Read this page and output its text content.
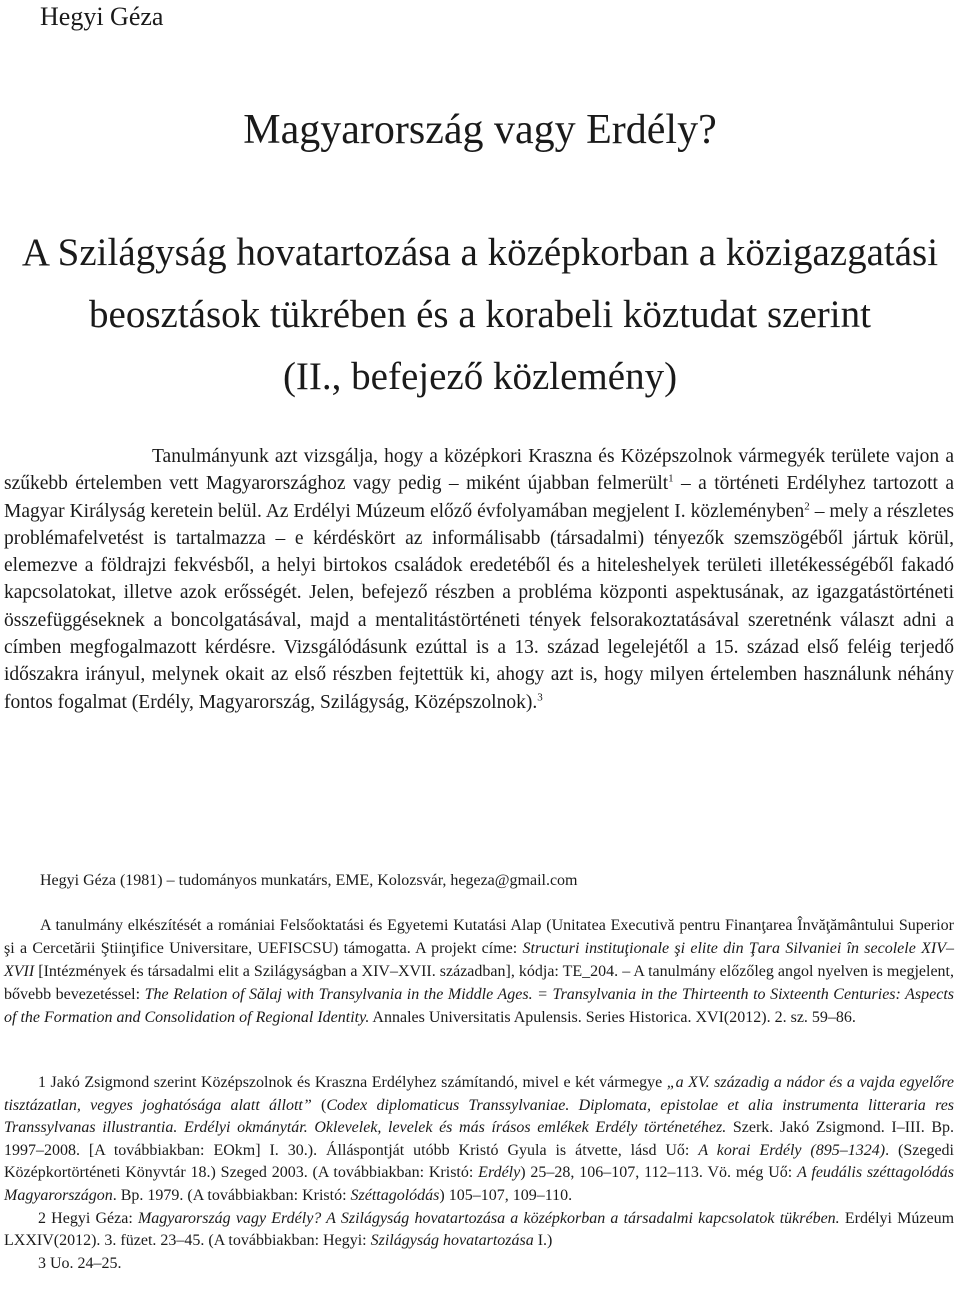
Hegyi Géza
Magyarország vagy Erdély?
A Szilágyság hovatartozása a középkorban a közigazgatási
beosztások tükrében és a korabeli köztudat szerint
(II., befejező közlemény)

Tanulmányunk azt vizsgálja, hogy a középkori Kraszna és Középszolnok vármegyék területe vajon a szűkebb értelemben vett Magyarországhoz vagy pedig – miként újabban felmerült$^1$ – a történeti Erdélyhez tartozott a Magyar Királyság keretein belül. Az Erdélyi Múzeum előző évfolyamában megjelent I. közleményben$^2$ – mely a részletes problémafelvetést is tartalmazza – e kérdéskört az informálisabb (társadalmi) tényezők szemszögéből jártuk körül, elemezve a földrajzi fekvésből, a helyi birtokos családok eredetéből és a hiteleshelyek területi illetékességéből fakadó kapcsolatokat, illetve azok erősségét. Jelen, befejező részben a probléma központi aspektusának, az igazgatástörténeti összefüggéseknek a boncolgatásával, majd a mentalitástörténeti tények felsorakoztatásával szeretnénk választ adni a címben megfogalmazott kérdésre. Vizsgálódásunk ezúttal is a 13. század legelejétől a 15. század első feléig terjedő időszakra irányul, melynek okait az első részben fejtettük ki, ahogy azt is, hogy milyen értelemben használunk néhány fontos fogalmat (Erdély, Magyarország, Szilágyság, Középszolnok).$^3$

Hegyi Géza (1981) – tudományos munkatárs, EME, Kolozsvár, hegeza@gmail.com

A tanulmány elkészítését a romániai Felsőoktatási és Egyetemi Kutatási Alap (Unitatea Executivă pentru Finanţarea Învăţământului Superior şi a Cercetării Ştiinţifice Universitare, UEFISCSU) támogatta. A projekt címe: Structuri instituţionale şi elite din Ţara Silvaniei în secolele XIV–XVII [Intézmények és társadalmi elit a Szilágyságban a XIV–XVII. században], kódja: TE_204. – A tanulmány előzőleg angol nyelven is megjelent, bővebb bevezetéssel: The Relation of Sălaj with Transylvania in the Middle Ages. = Transylvania in the Thirteenth to Sixteenth Centuries: Aspects of the Formation and Consolidation of Regional Identity. Annales Universitatis Apulensis. Series Historica. XVI(2012). 2. sz. 59–86.

1 Jakó Zsigmond szerint Középszolnok és Kraszna Erdélyhez számítandó, mivel e két vármegye „a XV. századig a nádor és a vajda egyelőre tisztázatlan, vegyes joghatósága alatt állott” (Codex diplomaticus Transsylvaniae. Diplomata, epistolae et alia instrumenta litteraria res Transsylvanas illustrantia. Erdélyi okmánytár. Oklevelek, levelek és más írásos emlékek Erdély történetéhez. Szerk. Jakó Zsigmond. I–III. Bp. 1997–2008. [A továbbiakban: EOkm] I. 30.). Álláspontját utóbb Kristó Gyula is átvette, lásd Uő: A korai Erdély (895–1324). (Szegedi Középkortörténeti Könyvtár 18.) Szeged 2003. (A továbbiakban: Kristó: Erdély) 25–28, 106–107, 112–113. Vö. még Uő: A feudális széttagolódás Magyarországon. Bp. 1979. (A továbbiakban: Kristó: Széttagolódás) 105–107, 109–110.

2 Hegyi Géza: Magyarország vagy Erdély? A Szilágyság hovatartozása a középkorban a társadalmi kapcsolatok tükrében. Erdélyi Múzeum LXXIV(2012). 3. füzet. 23–45. (A továbbiakban: Hegyi: Szilágyság hovatartozása I.)

3 Uo. 24–25.
